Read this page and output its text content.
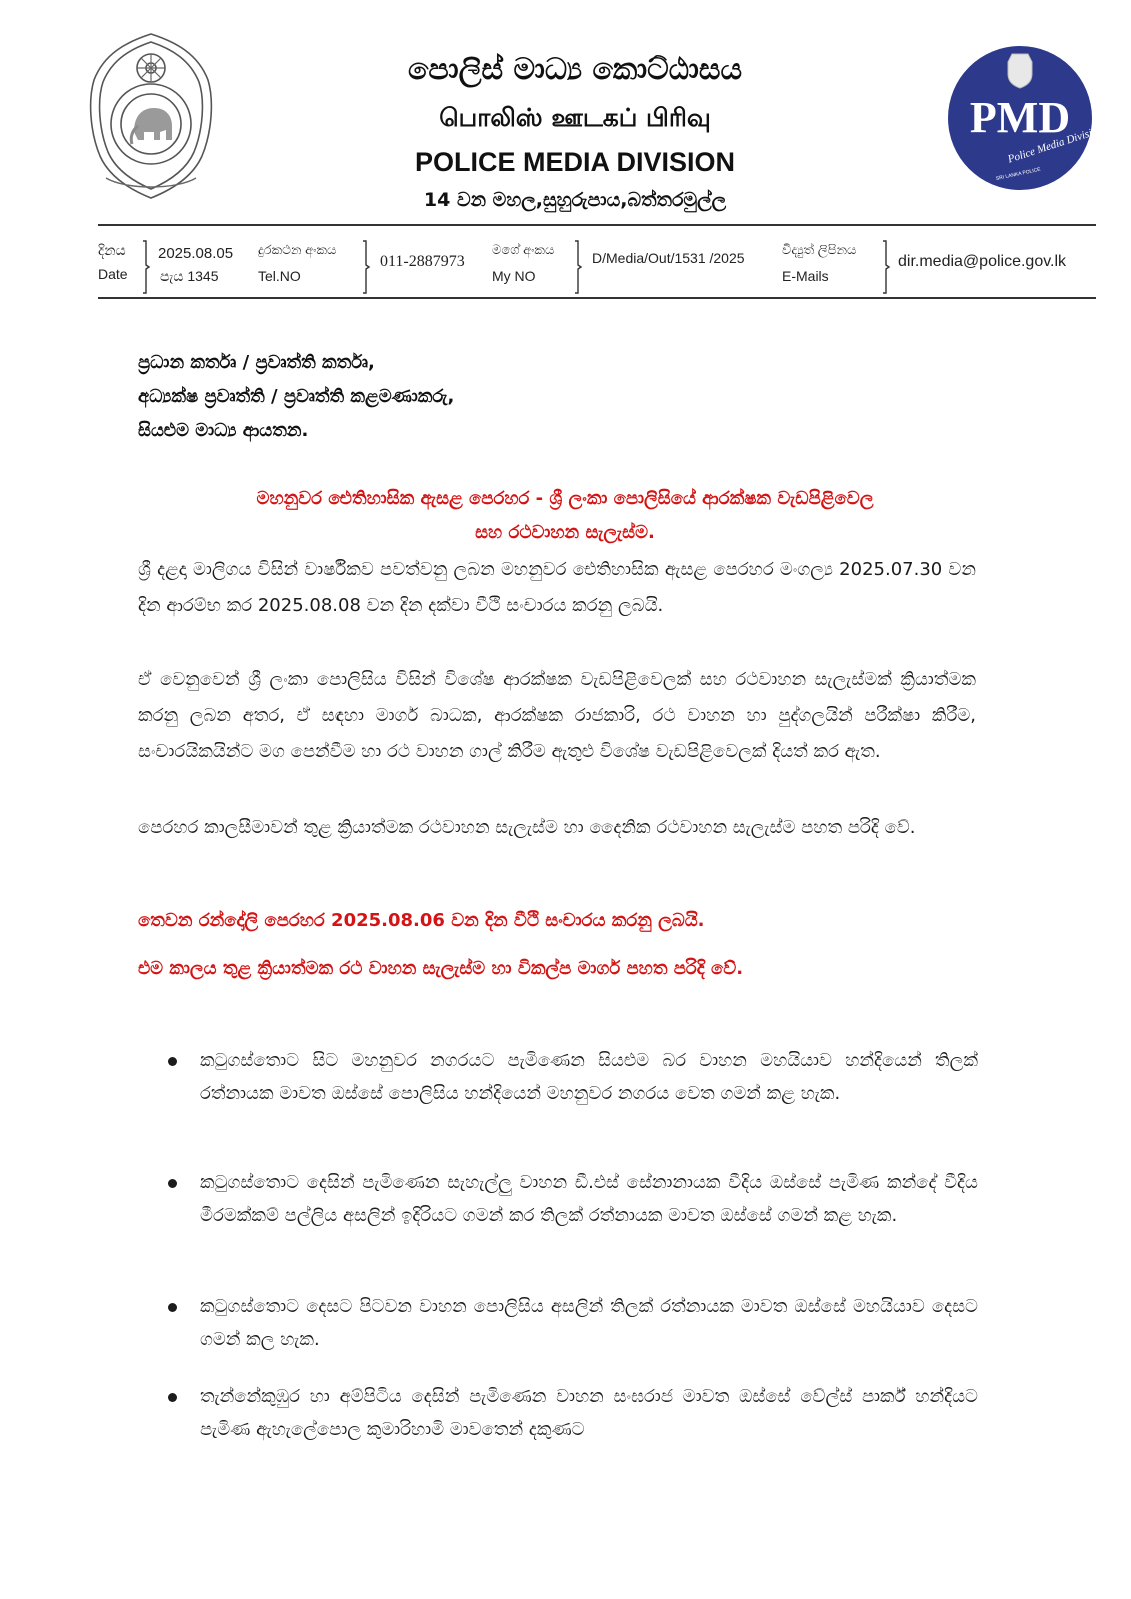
පොලිස් මාධ්‍ය කොට්ඨාසය
பொலிஸ் ஊடகப் பிரிவு
POLICE MEDIA DIVISION
14 වන මහල,සුහුරුපාය,බත්තරමුල්ල
PMD
Police Media Division
SRI LANKA POLICE
දිනය
Date
2025.08.05
පැය 1345
දුරකථන අංකය
Tel.NO
011-2887973
මගේ අංකය
My NO
D/Media/Out/1531 /2025
විද්‍යුත් ලිපිනය
E-Mails
dir.media@police.gov.lk
ප්‍රධාන කර්තෘ / ප්‍රවෘත්ති කර්තෘ,
අධ්‍යක්ෂ ප්‍රවෘත්ති / ප්‍රවෘත්ති කළමණාකරු,
සියළුම මාධ්‍ය ආයතන.
මහනුවර ඓතිහාසික ඇසළ පෙරහර - ශ්‍රී ලංකා පොලිසියේ ආරක්ෂක වැඩපිළිවෙල
සහ රථවාහන සැලැස්ම.
ශ්‍රී දළදා මාලිගය විසින් වාර්ෂිකව පවත්වනු ලබන මහනුවර ඓතිහාසික ඇසළ පෙරහර මංගල්‍ය 2025.07.30 වන දින ආරම්භ කර 2025.08.08 වන දින දක්වා වීථි සංචාරය කරනු ලබයි.
ඒ වෙනුවෙන් ශ්‍රී ලංකා පොලිසිය විසින් විශේෂ ආරක්ෂක වැඩපිළිවෙලක් සහ රථවාහන සැලැස්මක් ක්‍රියාත්මක කරනු ලබන අතර, ඒ සඳහා මාර්ග බාධක, ආරක්ෂක රාජකාරි, රථ වාහන හා පුද්ගලයින් පරීක්ෂා කිරීම, සංචාරයිකයින්ට මග පෙන්වීම හා රථ වාහන ගාල් කිරීම ඇතුළු විශේෂ වැඩපිළිවෙලක් දියත් කර ඇත.
පෙරහර කාලසීමාවන් තුළ ක්‍රියාත්මක රථවාහන සැලැස්ම හා දෛනික රථවාහන සැලැස්ම පහත පරිදි වේ.
තෙවන රන්දෝලි පෙරහර 2025.08.06 වන දින වීථි සංචාරය කරනු ලබයි.
එම කාලය තුළ ක්‍රියාත්මක රථ වාහන සැලැස්ම හා විකල්ප මාර්ග පහත පරිදි වේ.
කටුගස්තොට සිට මහනුවර නගරයට පැමිණෙන සියළුම බර වාහන මහයියාව හන්දියෙන් තිලක් රත්නායක මාවත ඔස්සේ පොලිසිය හන්දියෙන් මහනුවර නගරය වෙත ගමන් කළ හැක.
කටුගස්තොට දෙසින් පැමිණෙන සැහැල්ලු වාහන ඩී.එස් සේනානායක වීදිය ඔස්සේ පැමිණ කන්දේ වීදිය මීරමක්කම් පල්ලිය අසලින් ඉදිරියට ගමන් කර තිලක් රත්නායක මාවත ඔස්සේ ගමන් කළ හැක.
කටුගස්තොට දෙසට පිටවන වාහන පොලිසිය අසලින් තිලක් රත්නායක මාවත ඔස්සේ මහයියාව දෙසට ගමන් කල හැක.
තැන්නේකුඹුර හා අම්පිටිය දෙසින් පැමිණෙන වාහන සංඝරාජ මාවත ඔස්සේ වේල්ස් පාර්ක් හන්දියට පැමිණ ඇහැලේපොල කුමාරිහාමි මාවතෙන් දකුණට
